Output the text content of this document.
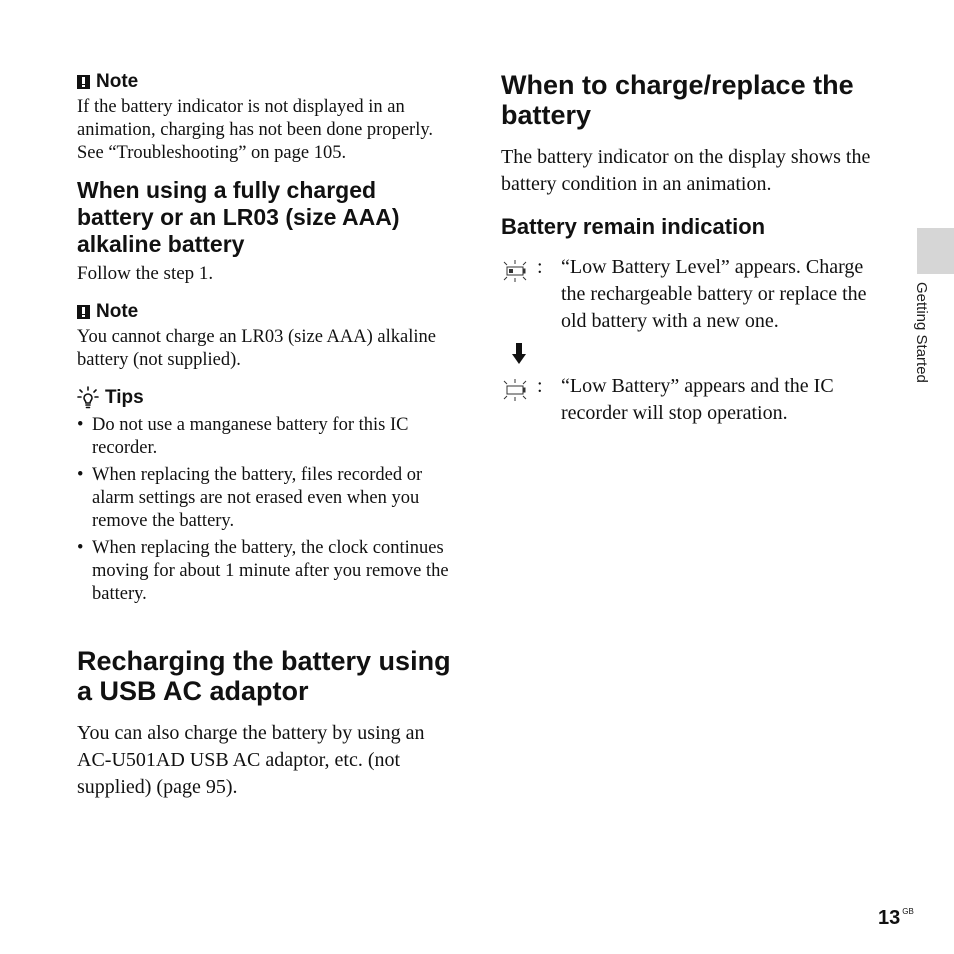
Note

If the battery indicator is not displayed in an animation, charging has not been done properly. See “Troubleshooting” on page 105.

When using a fully charged battery or an LR03 (size AAA) alkaline battery

Follow the step 1.

Note

You cannot charge an LR03 (size AAA) alkaline battery (not supplied).

Tips
• Do not use a manganese battery for this IC recorder.
• When replacing the battery, files recorded or alarm settings are not erased even when you remove the battery.
• When replacing the battery, the clock continues moving for about 1 minute after you remove the battery.
Recharging the battery using a USB AC adaptor

You can also charge the battery by using an AC-U501AD USB AC adaptor, etc. (not supplied) (page 95).

When to charge/replace the battery

The battery indicator on the display shows the battery condition in an animation.

Battery remain indication
: “Low Battery Level” appears. Charge the rechargeable battery or replace the old battery with a new one.
: “Low Battery” appears and the IC recorder will stop operation.
Getting Started
13 $^{GB}$
